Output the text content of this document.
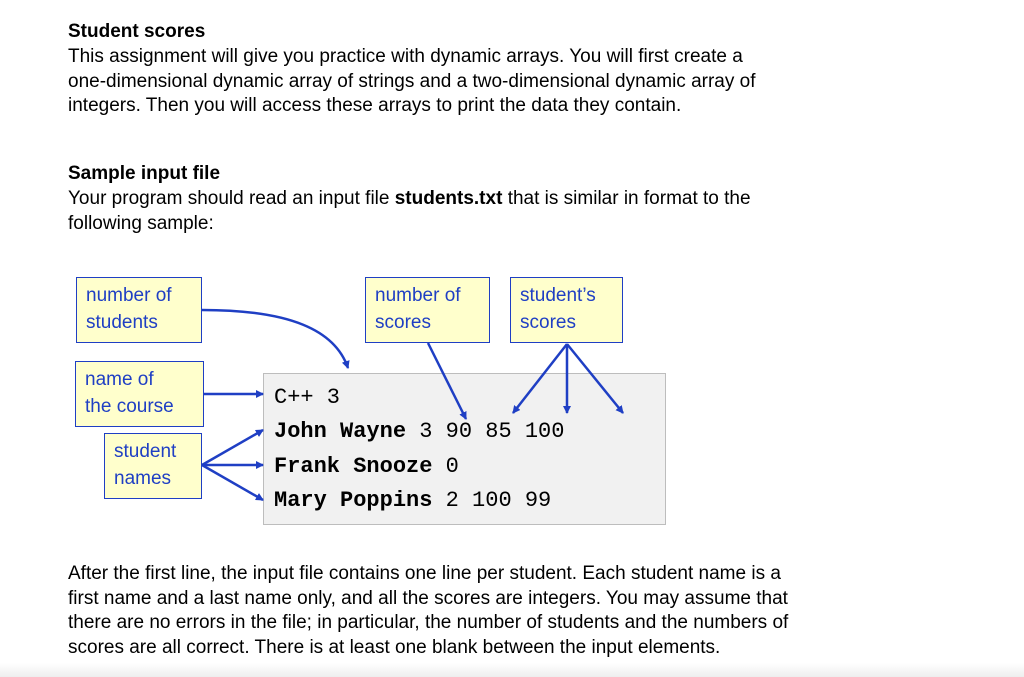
Student scores
This assignment will give you practice with dynamic arrays. You will first create a
one-dimensional dynamic array of strings and a two-dimensional dynamic array of
integers. Then you will access these arrays to print the data they contain.
Sample input file
Your program should read an input file students.txt that is similar in format to the
following sample:
number of
students
number of
scores
student’s
scores
name of
the course
student
names
C++ 3
John Wayne 3 90 85 100
Frank Snooze 0
Mary Poppins 2 100 99
After the first line, the input file contains one line per student. Each student name is a
first name and a last name only, and all the scores are integers. You may assume that
there are no errors in the file; in particular, the number of students and the numbers of
scores are all correct. There is at least one blank between the input elements.
